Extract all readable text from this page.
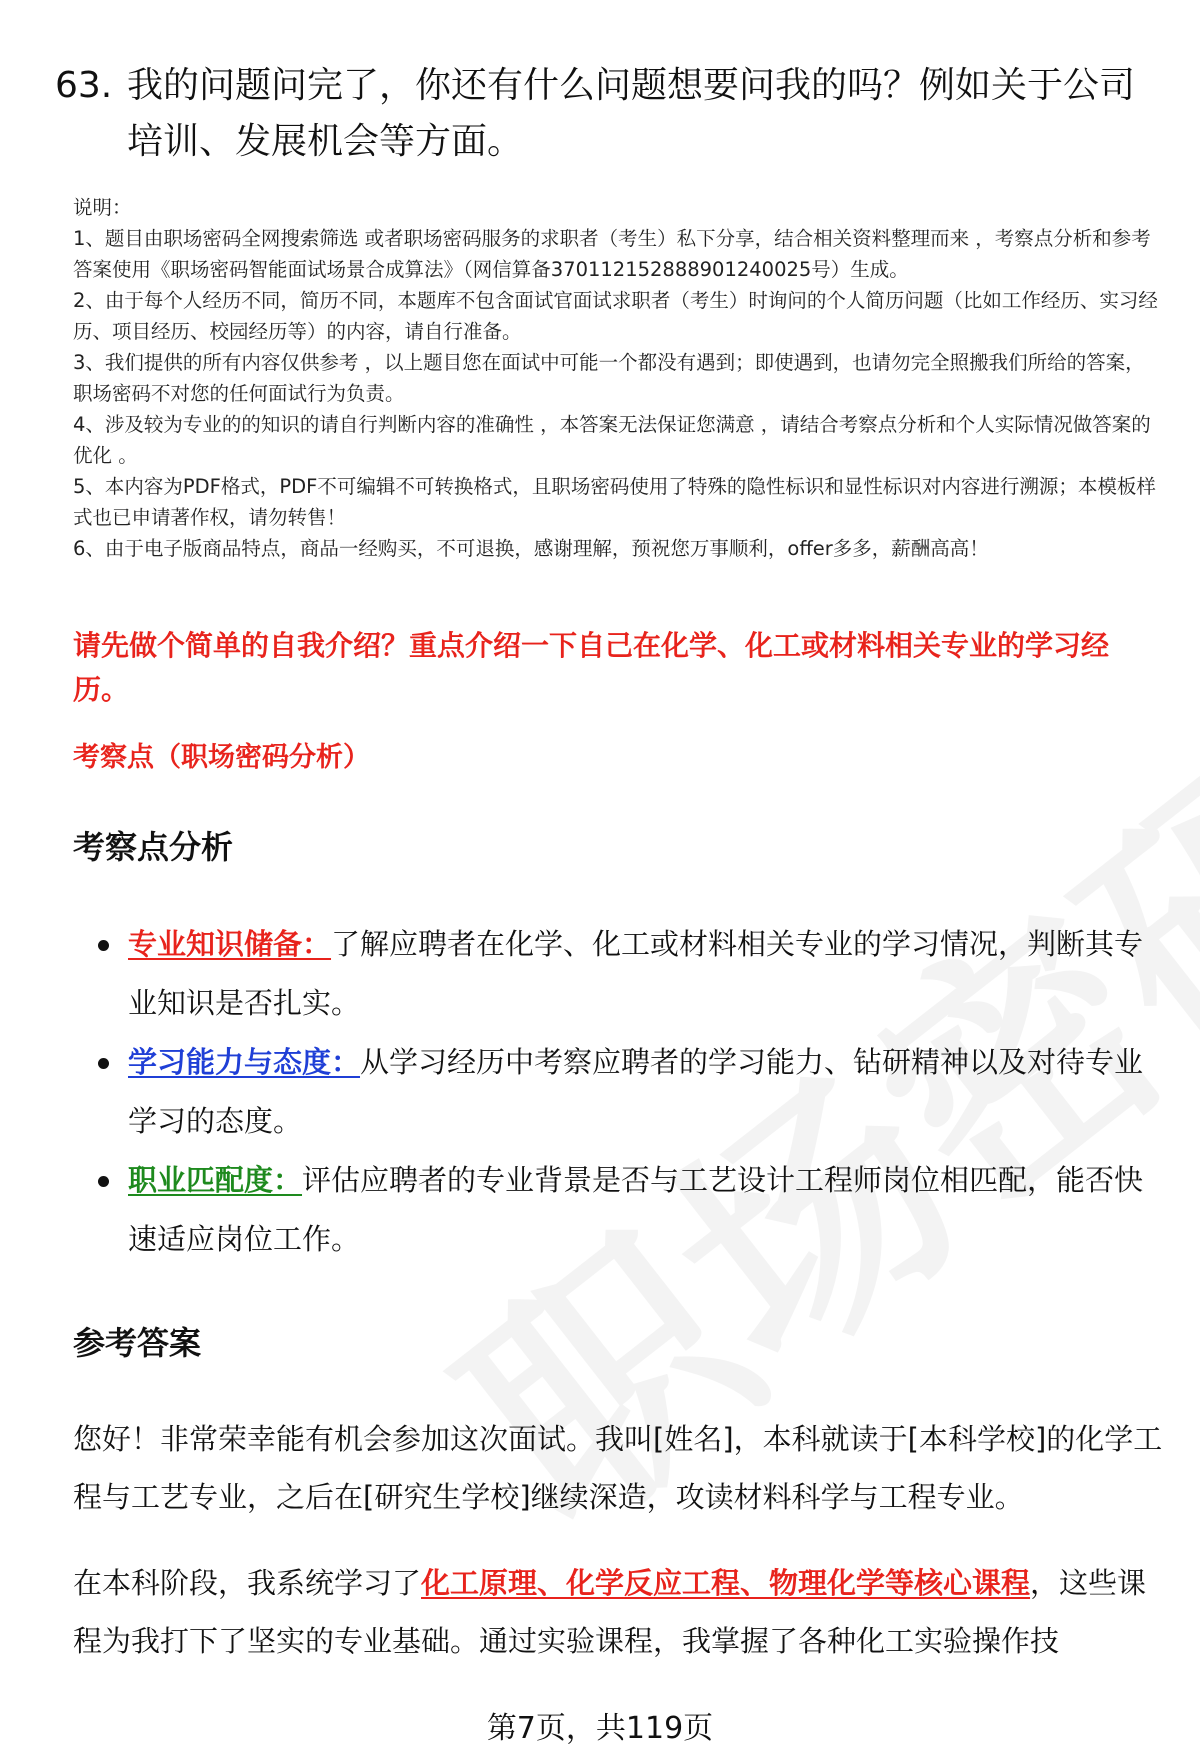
63. 我的问题问完了，你还有什么问题想要问我的吗？例如关于公司培训、发展机会等方面。

说明：

1、题目由职场密码全网搜索筛选 或者职场密码服务的求职者（考生）私下分享，结合相关资料整理而来 ，考察点分析和参考答案使用《职场密码智能面试场景合成算法》（网信算备370112152888901240025号）生成。

2、由于每个人经历不同，简历不同，本题库不包含面试官面试求职者（考生）时询问的个人简历问题（比如工作经历、实习经历、项目经历、校园经历等）的内容，请自行准备。

3、我们提供的所有内容仅供参考 ，以上题目您在面试中可能一个都没有遇到；即使遇到，也请勿完全照搬我们所给的答案，职场密码不对您的任何面试行为负责。

4、涉及较为专业的的知识的请自行判断内容的准确性 ，本答案无法保证您满意 ，请结合考察点分析和个人实际情况做答案的优化 。

5、本内容为PDF格式，PDF不可编辑不可转换格式，且职场密码使用了特殊的隐性标识和显性标识对内容进行溯源；本模板样式也已申请著作权，请勿转售！

6、由于电子版商品特点，商品一经购买，不可退换，感谢理解，预祝您万事顺利，offer多多，薪酬高高！

请先做个简单的自我介绍？重点介绍一下自己在化学、化工或材料相关专业的学习经历。
考察点（职场密码分析）
考察点分析
专业知识储备：了解应聘者在化学、化工或材料相关专业的学习情况，判断其专业知识是否扎实。
学习能力与态度：从学习经历中考察应聘者的学习能力、钻研精神以及对待专业学习的态度。
职业匹配度：评估应聘者的专业背景是否与工艺设计工程师岗位相匹配，能否快速适应岗位工作。
参考答案

您好！非常荣幸能有机会参加这次面试。我叫[姓名]，本科就读于[本科学校]的化学工程与工艺专业，之后在[研究生学校]继续深造，攻读材料科学与工程专业。

在本科阶段，我系统学习了化工原理、化学反应工程、物理化学等核心课程，这些课程为我打下了坚实的专业基础。通过实验课程，我掌握了各种化工实验操作技

第7页，共119页
